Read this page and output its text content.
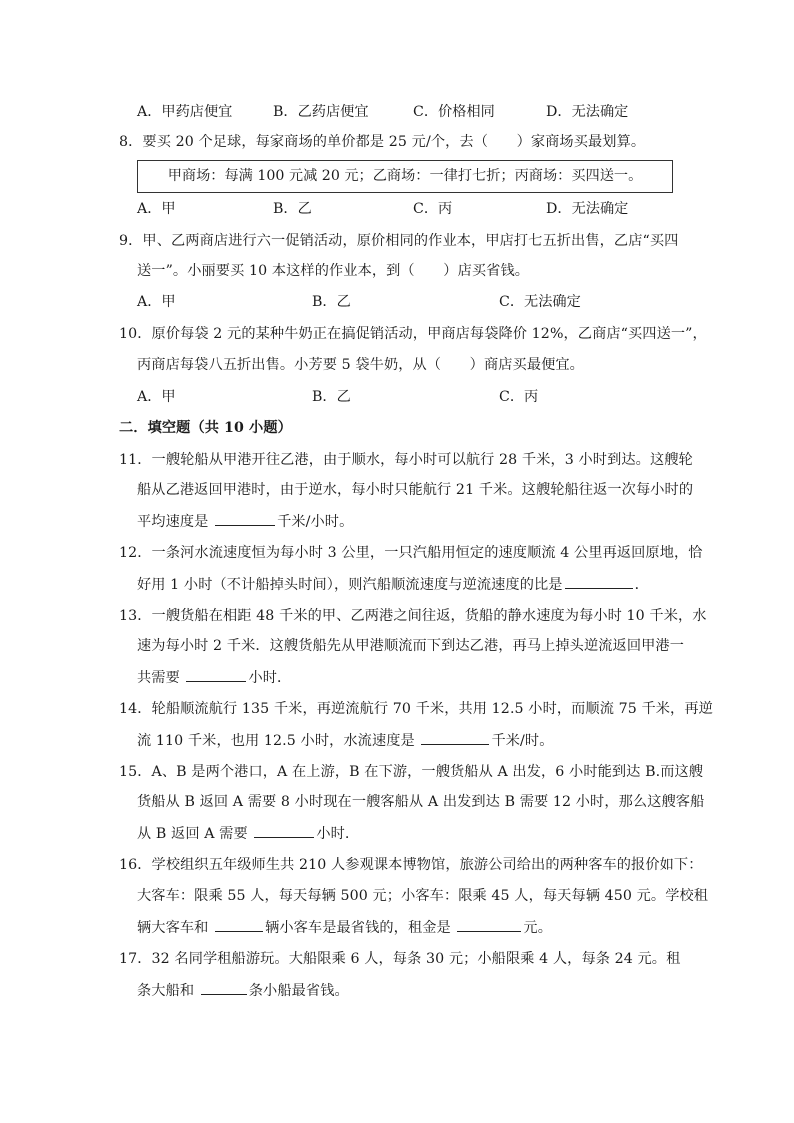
A．甲药店便宜	B．乙药店便宜	C．价格相同	D．无法确定
8．要买 20 个足球，每家商场的单价都是 25 元/个，去（　　）家商场买最划算。
甲商场：每满 100 元减 20 元；乙商场：一律打七折；丙商场：买四送一。
A．甲	B．乙	C．丙	D．无法确定
9．甲、乙两商店进行六一促销活动，原价相同的作业本，甲店打七五折出售，乙店“买四
送一”。小丽要买 10 本这样的作业本，到（　　）店买省钱。
A．甲	B．乙	C．无法确定
10．原价每袋 2 元的某种牛奶正在搞促销活动，甲商店每袋降价 12%，乙商店“买四送一”，
丙商店每袋八五折出售。小芳要 5 袋牛奶，从（　　）商店买最便宜。
A．甲	B．乙	C．丙
二．填空题（共 10 小题）
11．一艘轮船从甲港开往乙港，由于顺水，每小时可以航行 28 千米，3 小时到达。这艘轮
船从乙港返回甲港时，由于逆水，每小时只能航行 21 千米。这艘轮船往返一次每小时的
平均速度是	千米/小时。
12．一条河水流速度恒为每小时 3 公里，一只汽船用恒定的速度顺流 4 公里再返回原地，恰
好用 1 小时（不计船掉头时间），则汽船顺流速度与逆流速度的比是	．
13．一艘货船在相距 48 千米的甲、乙两港之间往返，货船的静水速度为每小时 10 千米，水
速为每小时 2 千米．这艘货船先从甲港顺流而下到达乙港，再马上掉头逆流返回甲港一
共需要	小时．
14．轮船顺流航行 135 千米，再逆流航行 70 千米，共用 12.5 小时，而顺流 75 千米，再逆
流 110 千米，也用 12.5 小时，水流速度是	千米/时。
15．A、B 是两个港口，A 在上游，B 在下游，一艘货船从 A 出发，6 小时能到达 B.而这艘
货船从 B 返回 A 需要 8 小时现在一艘客船从 A 出发到达 B 需要 12 小时，那么这艘客船
从 B 返回 A 需要	小时.
16．学校组织五年级师生共 210 人参观课本博物馆，旅游公司给出的两种客车的报价如下：
大客车：限乘 55 人，每天每辆 500 元；小客车：限乘 45 人，每天每辆 450 元。学校租
辆大客车和	辆小客车是最省钱的，租金是	元。
17．32 名同学租船游玩。大船限乘 6 人，每条 30 元；小船限乘 4 人，每条 24 元。租
条大船和	条小船最省钱。
